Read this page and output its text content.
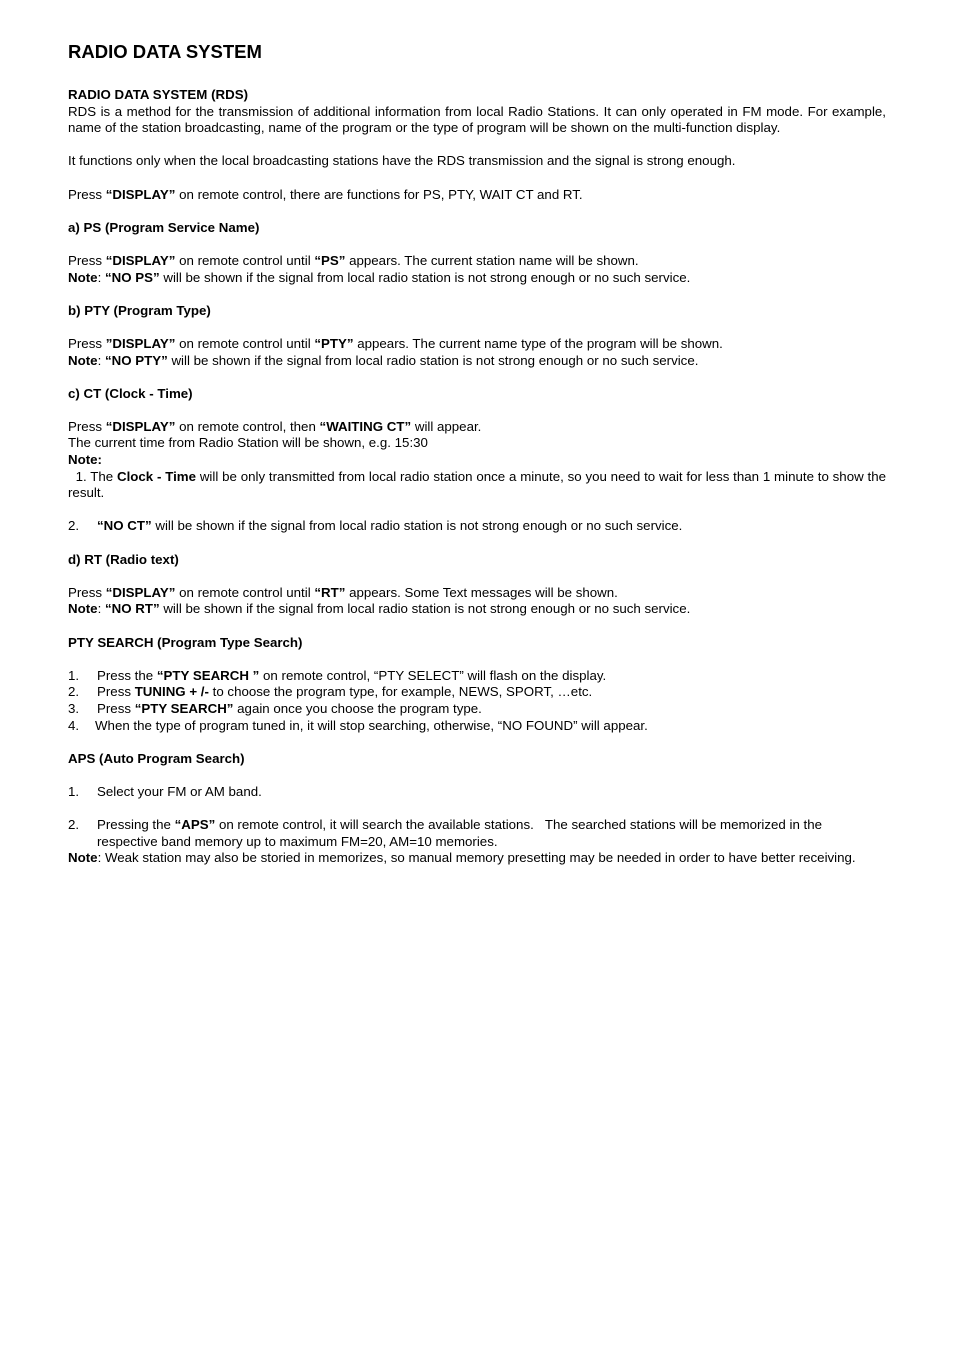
RADIO DATA SYSTEM

RADIO DATA SYSTEM (RDS)

RDS is a method for the transmission of additional information from local Radio Stations. It can only operated in FM mode. For example, name of the station broadcasting, name of the program or the type of program will be shown on the multi-function display.

It functions only when the local broadcasting stations have the RDS transmission and the signal is strong enough.

Press “DISPLAY” on remote control, there are functions for PS, PTY, WAIT CT and RT.

a) PS (Program Service Name)

Press “DISPLAY” on remote control until “PS” appears. The current station name will be shown.

Note: “NO PS” will be shown if the signal from local radio station is not strong enough or no such service.

b) PTY (Program Type)

Press ”DISPLAY” on remote control until “PTY” appears. The current name type of the program will be shown.

Note: “NO PTY” will be shown if the signal from local radio station is not strong enough or no such service.

c) CT (Clock - Time)

Press “DISPLAY” on remote control, then “WAITING CT” will appear.

The current time from Radio Station will be shown, e.g. 15:30

Note:

1. The Clock - Time will be only transmitted from local radio station once a minute, so you need to wait for less than 1 minute to show the result.

2.	“NO CT” will be shown if the signal from local radio station is not strong enough or no such service.

d) RT (Radio text)

Press “DISPLAY” on remote control until “RT” appears. Some Text messages will be shown.

Note: “NO RT” will be shown if the signal from local radio station is not strong enough or no such service.

PTY SEARCH (Program Type Search)

1.	Press the “PTY SEARCH ” on remote control, “PTY SELECT” will flash on the display.
2.	Press TUNING + /- to choose the program type, for example, NEWS, SPORT, …etc.
3.	Press “PTY SEARCH” again once you choose the program type.
4.	When the type of program tuned in, it will stop searching, otherwise, “NO FOUND” will appear.

APS (Auto Program Search)

1.	Select your FM or AM band.
2.	Pressing the “APS” on remote control, it will search the available stations.   The searched stations will be memorized in the respective band memory up to maximum FM=20, AM=10 memories.

Note: Weak station may also be storied in memorizes, so manual memory presetting may be needed in order to have better receiving.
